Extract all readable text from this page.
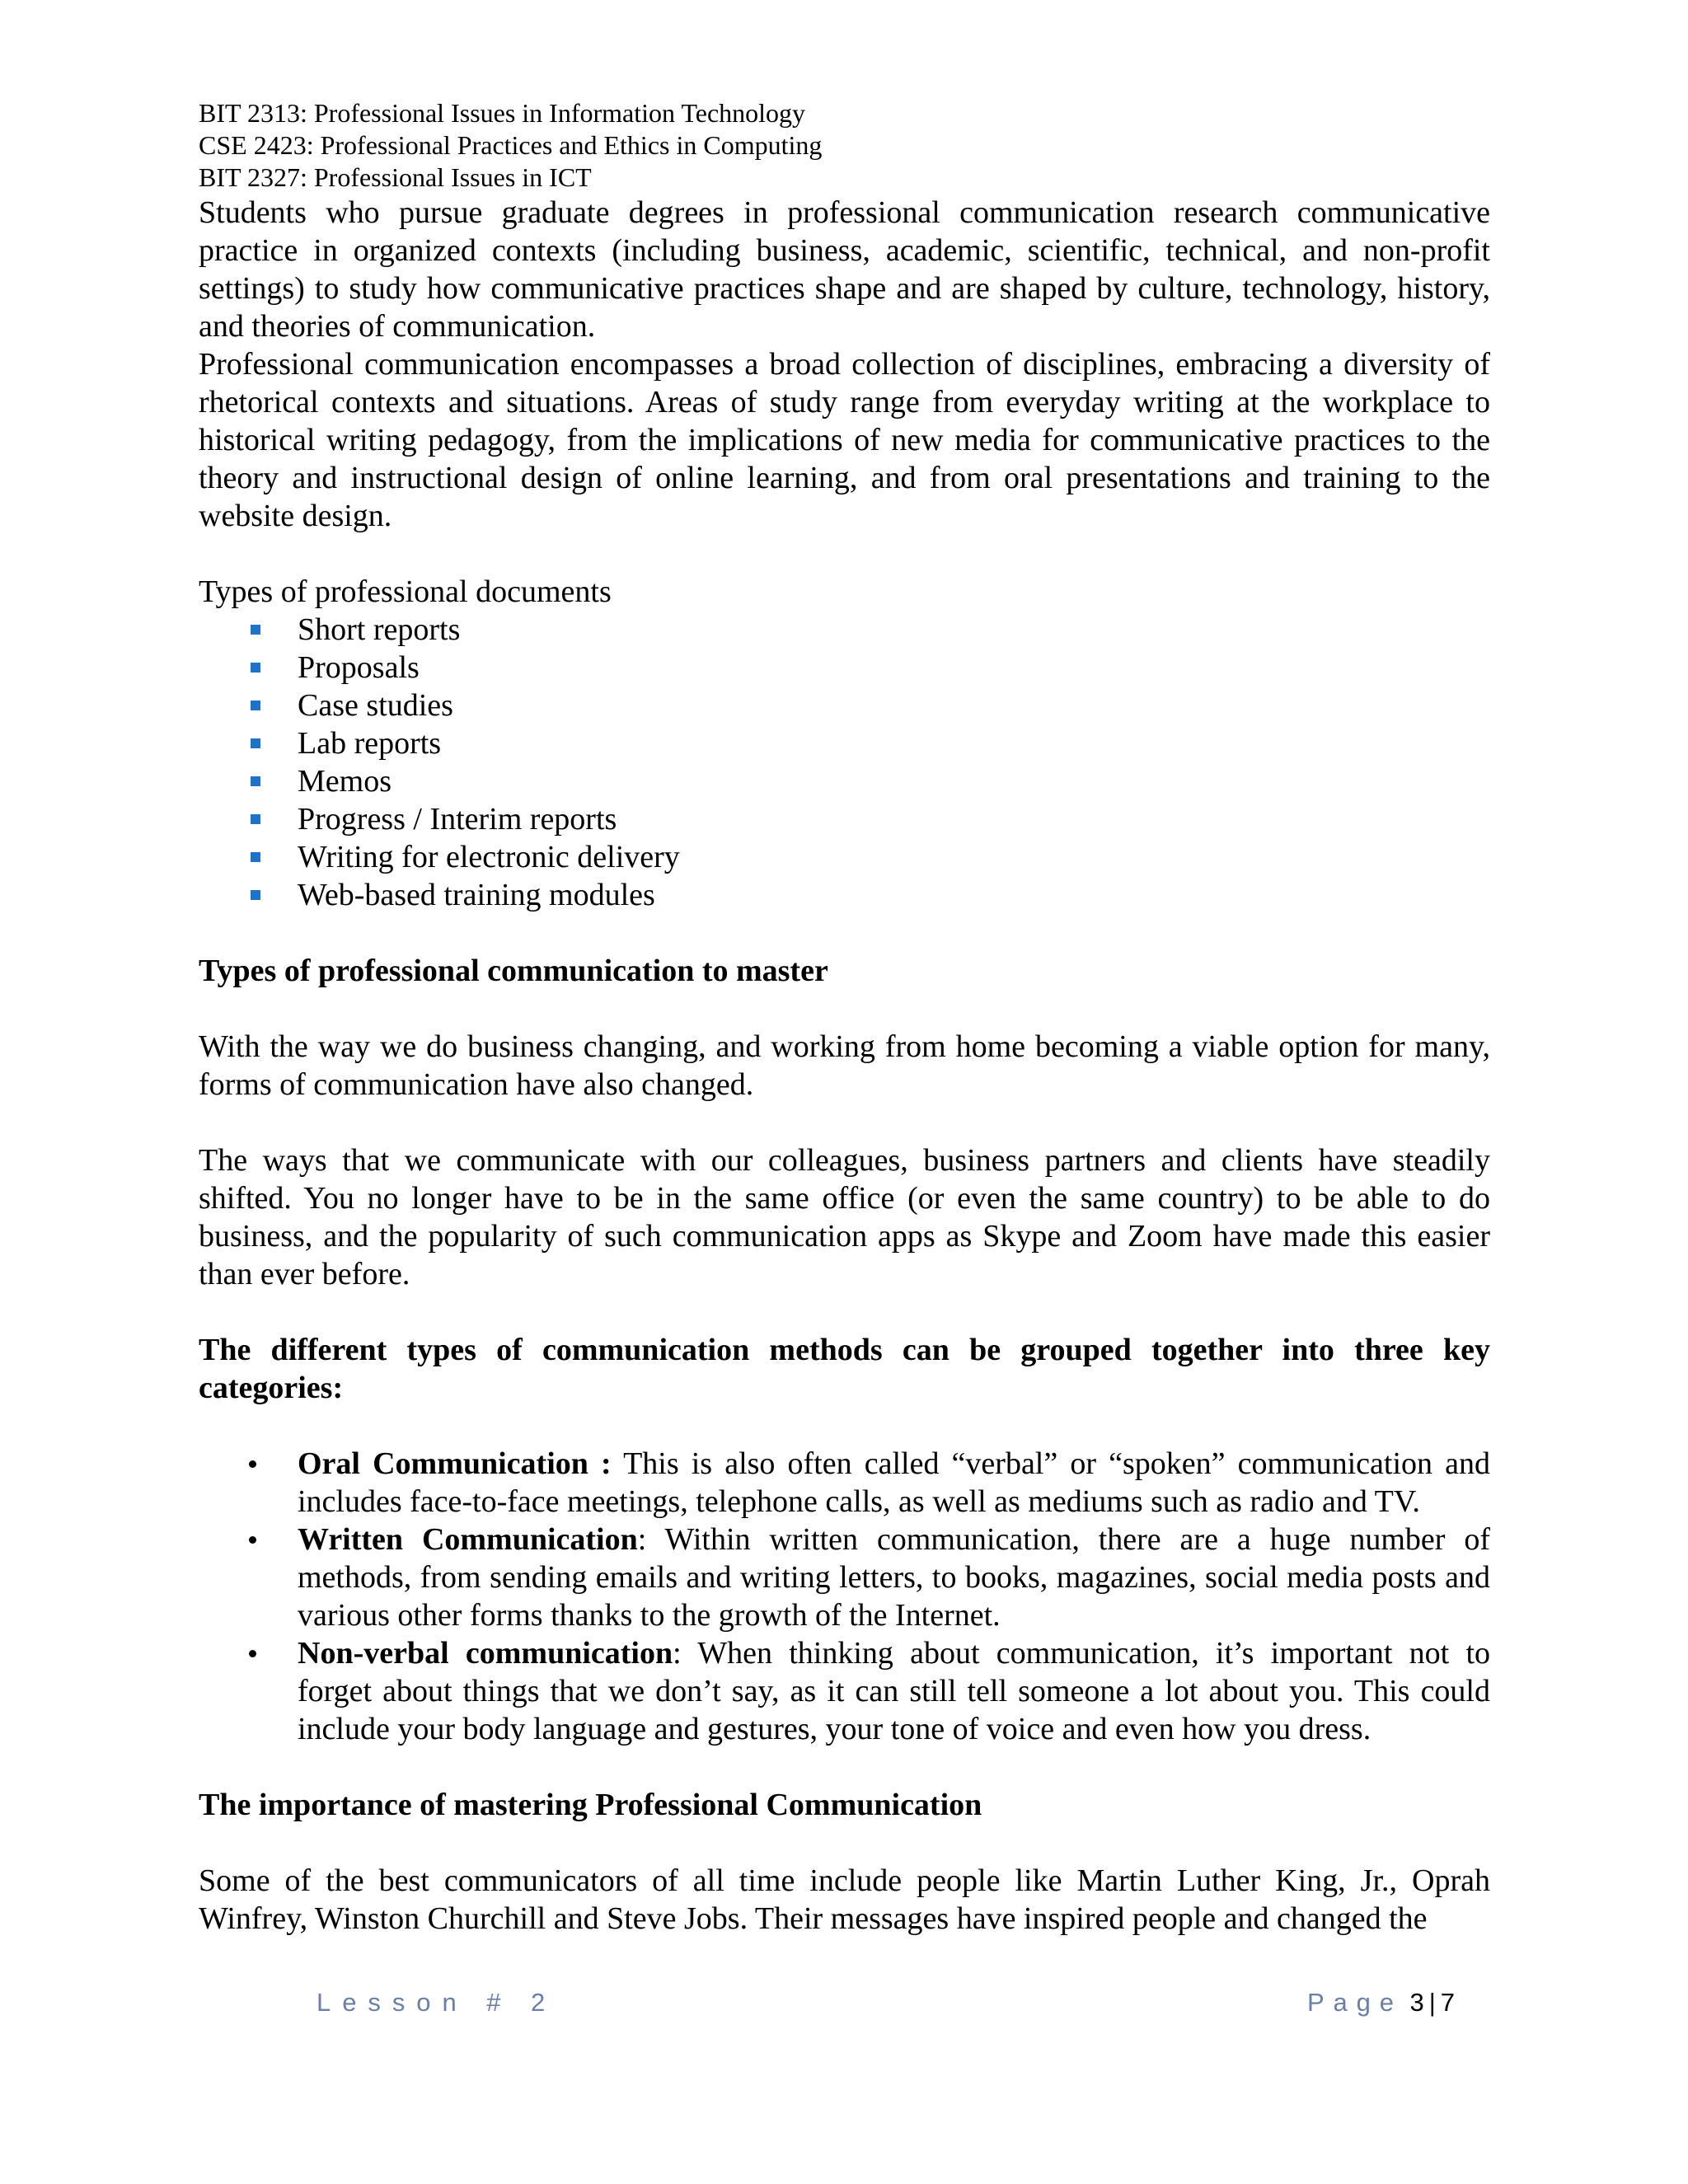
BIT 2313: Professional Issues in Information Technology

CSE 2423: Professional Practices and Ethics in Computing

BIT 2327: Professional Issues in ICT

Students who pursue graduate degrees in professional communication research communicative practice in organized contexts (including business, academic, scientific, technical, and non-profit settings) to study how communicative practices shape and are shaped by culture, technology, history, and theories of communication.

Professional communication encompasses a broad collection of disciplines, embracing a diversity of rhetorical contexts and situations. Areas of study range from everyday writing at the workplace to historical writing pedagogy, from the implications of new media for communicative practices to the theory and instructional design of online learning, and from oral presentations and training to the website design.

Types of professional documents

Short reports
Proposals
Case studies
Lab reports
Memos
Progress / Interim reports
Writing for electronic delivery
Web-based training modules

Types of professional communication to master

With the way we do business changing, and working from home becoming a viable option for many, forms of communication have also changed.

The ways that we communicate with our colleagues, business partners and clients have steadily shifted. You no longer have to be in the same office (or even the same country) to be able to do business, and the popularity of such communication apps as Skype and Zoom have made this easier than ever before.

The different types of communication methods can be grouped together into three key categories:

Oral Communication : This is also often called “verbal” or “spoken” communication and includes face-to-face meetings, telephone calls, as well as mediums such as radio and TV.
Written Communication: Within written communication, there are a huge number of methods, from sending emails and writing letters, to books, magazines, social media posts and various other forms thanks to the growth of the Internet.
Non-verbal communication: When thinking about communication, it’s important not to forget about things that we don’t say, as it can still tell someone a lot about you. This could include your body language and gestures, your tone of voice and even how you dress.

The importance of mastering Professional Communication

Some of the best communicators of all time include people like Martin Luther King, Jr., Oprah Winfrey, Winston Churchill and Steve Jobs. Their messages have inspired people and changed the

Lesson # 2	Page 3 | 7
